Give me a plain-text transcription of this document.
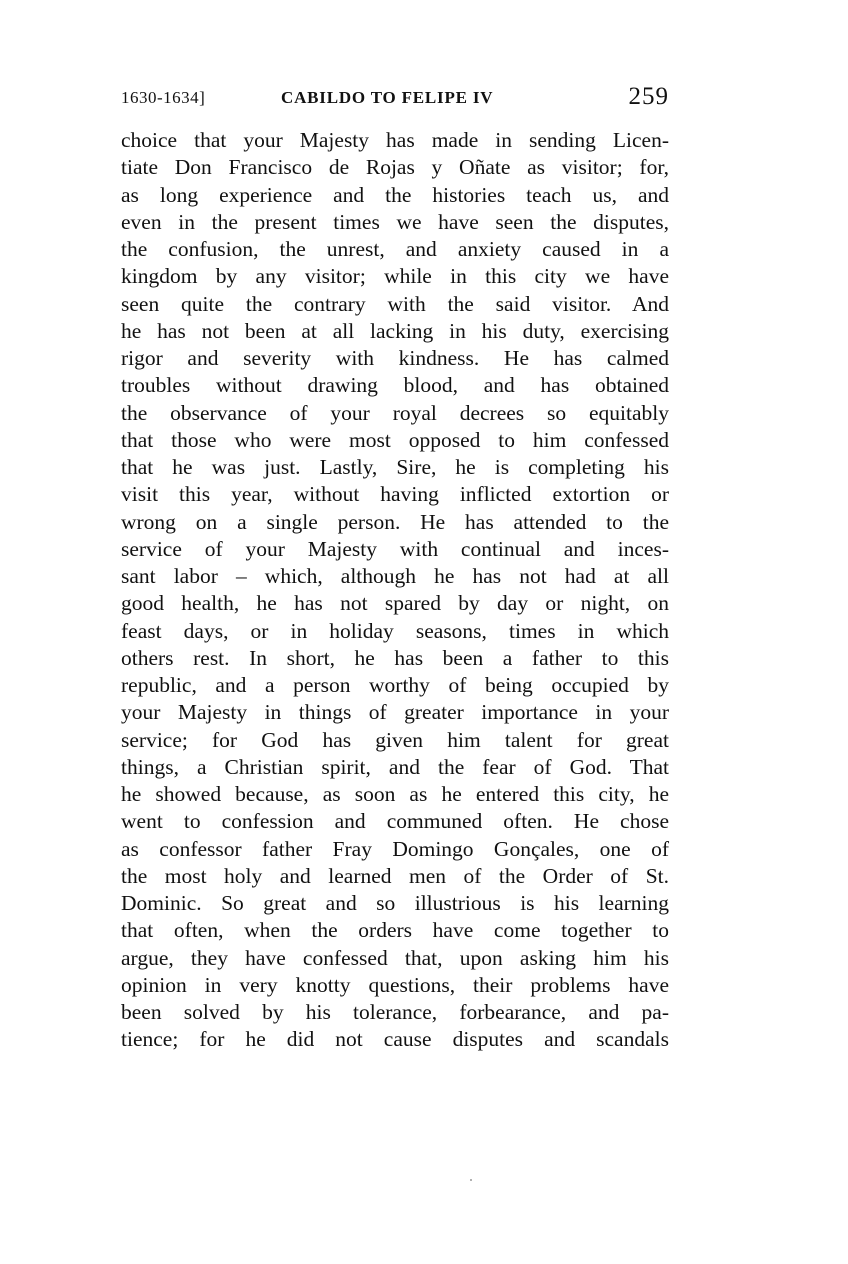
1630-1634]	CABILDO TO FELIPE IV	259
choice that your Majesty has made in sending Licen-
tiate Don Francisco de Rojas y Oñate as visitor; for,
as long experience and the histories teach us, and
even in the present times we have seen the disputes,
the confusion, the unrest, and anxiety caused in a
kingdom by any visitor; while in this city we have
seen quite the contrary with the said visitor. And
he has not been at all lacking in his duty, exercising
rigor and severity with kindness. He has calmed
troubles without drawing blood, and has obtained
the observance of your royal decrees so equitably
that those who were most opposed to him confessed
that he was just. Lastly, Sire, he is completing his
visit this year, without having inflicted extortion or
wrong on a single person. He has attended to the
service of your Majesty with continual and inces-
sant labor – which, although he has not had at all
good health, he has not spared by day or night, on
feast days, or in holiday seasons, times in which
others rest. In short, he has been a father to this
republic, and a person worthy of being occupied by
your Majesty in things of greater importance in your
service; for God has given him talent for great
things, a Christian spirit, and the fear of God. That
he showed because, as soon as he entered this city, he
went to confession and communed often. He chose
as confessor father Fray Domingo Gonçales, one of
the most holy and learned men of the Order of St.
Dominic. So great and so illustrious is his learning
that often, when the orders have come together to
argue, they have confessed that, upon asking him his
opinion in very knotty questions, their problems have
been solved by his tolerance, forbearance, and pa-
tience; for he did not cause disputes and scandals
